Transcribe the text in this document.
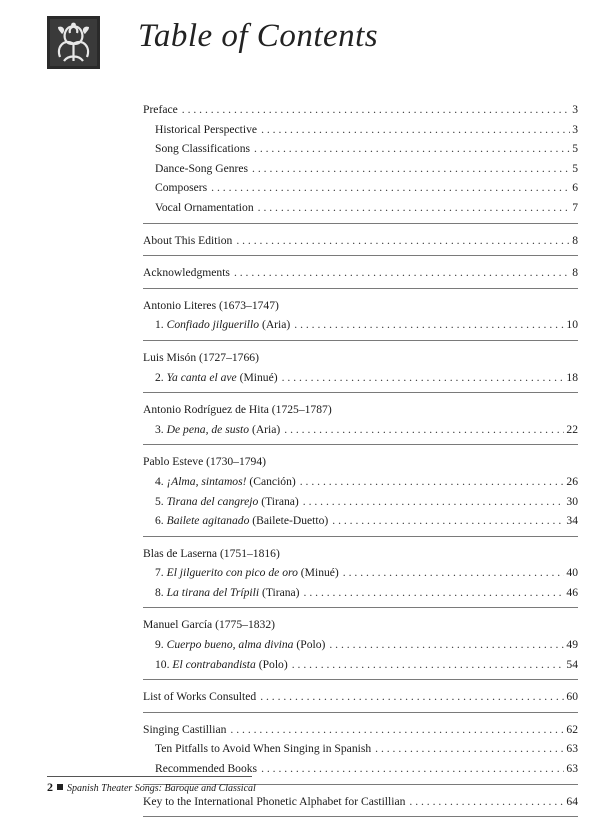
Table of Contents
Preface . . .	3
Historical Perspective . . .	3
Song Classifications . . .	5
Dance-Song Genres . . .	5
Composers . . .	6
Vocal Ornamentation . . .	7
About This Edition . . .	8
Acknowledgments . . .	8
Antonio Literes (1673–1747)
1. Confiado jilguerillo (Aria) . . .	10
Luis Misón (1727–1766)
2. Ya canta el ave (Minué) . . .	18
Antonio Rodríguez de Hita (1725–1787)
3. De pena, de susto (Aria) . . .	22
Pablo Esteve (1730–1794)
4. ¡Alma, sintamos! (Canción) . . .	26
5. Tirana del cangrejo (Tirana) . . .	30
6. Bailete agitanado (Bailete-Duetto) . . .	34
Blas de Laserna (1751–1816)
7. El jilguerito con pico de oro (Minué) . . .	40
8. La tirana del Trípili (Tirana) . . .	46
Manuel García (1775–1832)
9. Cuerpo bueno, alma divina (Polo) . . .	49
10. El contrabandista (Polo) . . .	54
List of Works Consulted . . .	60
Singing Castillian . . .	62
Ten Pitfalls to Avoid When Singing in Spanish . . .	63
Recommended Books . . .	63
Key to the International Phonetic Alphabet for Castillian . . .	64
2 Spanish Theater Songs: Baroque and Classical
